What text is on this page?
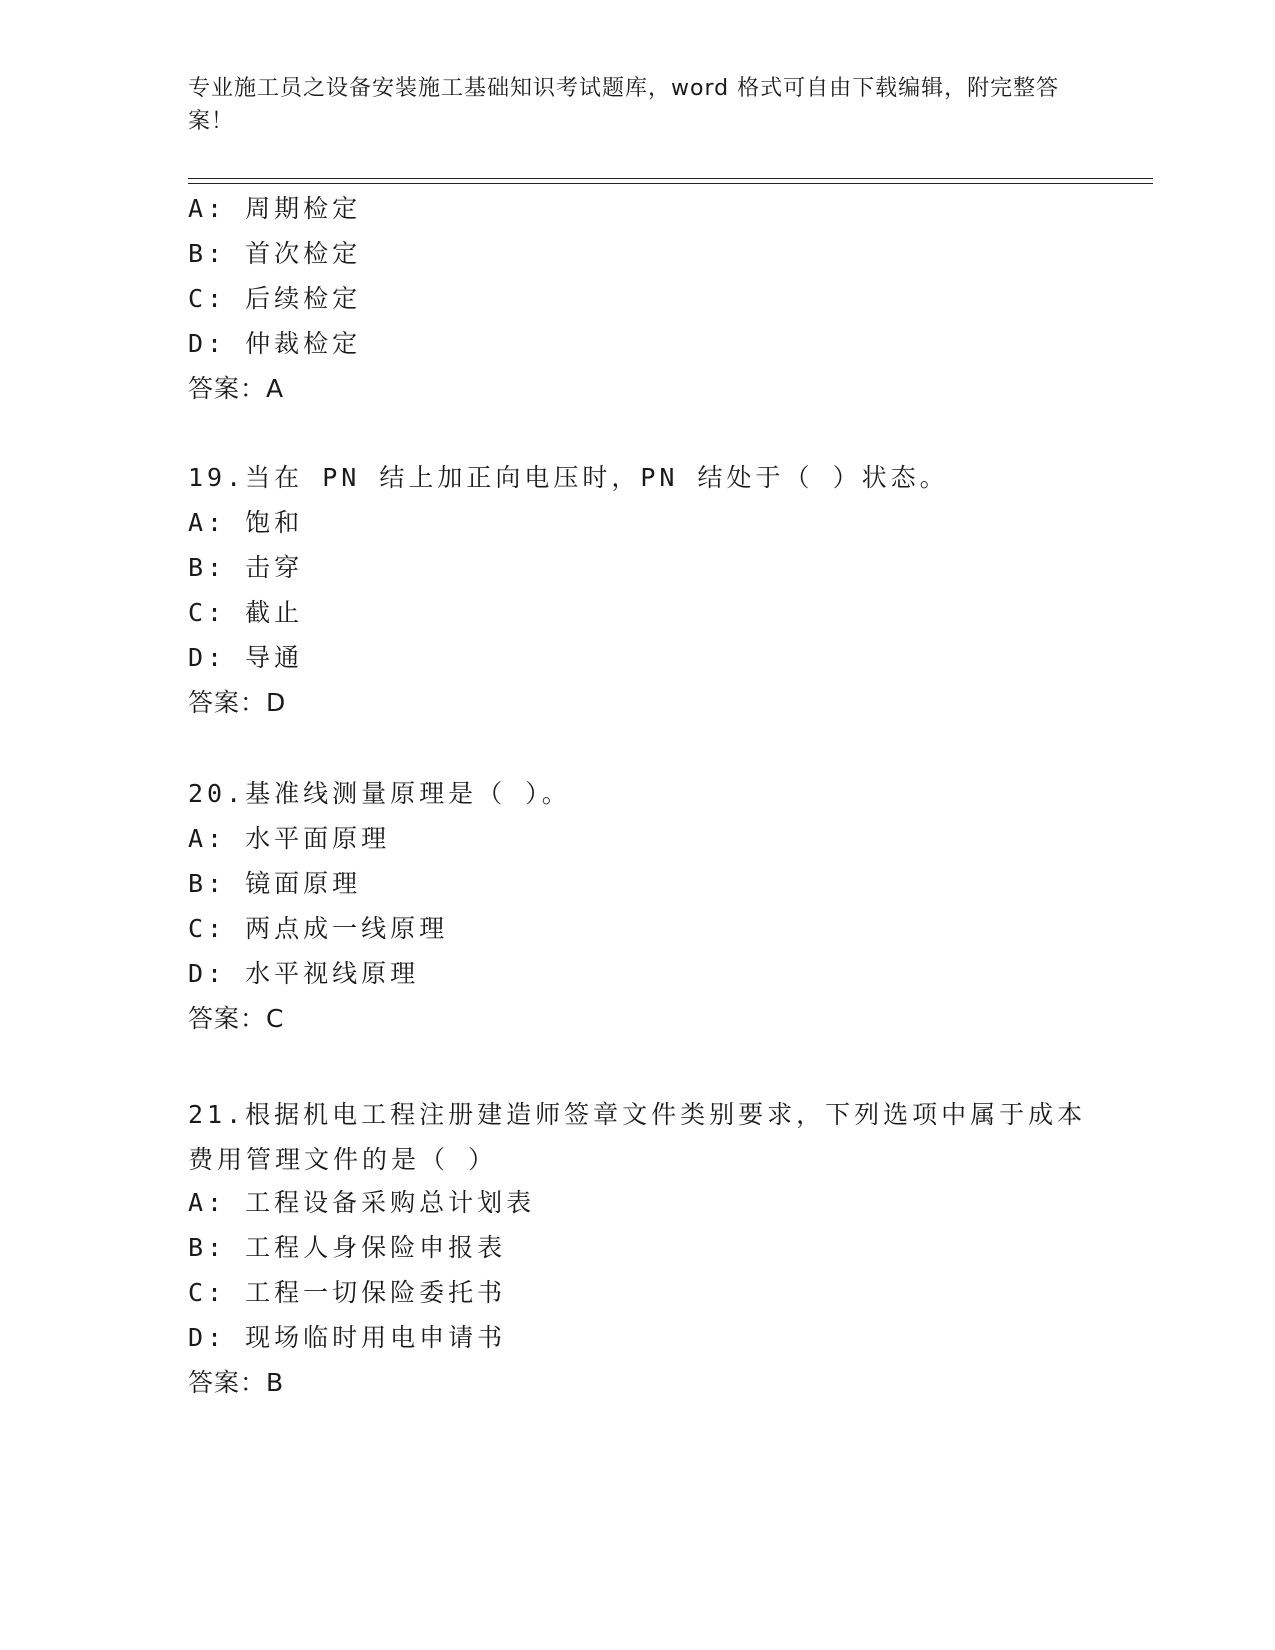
专业施工员之设备安装施工基础知识考试题库，word 格式可自由下载编辑，附完整答案！
A: 周期检定
B: 首次检定
C: 后续检定
D: 仲裁检定
答案：A
19.当在 PN 结上加正向电压时，PN 结处于（ ）状态。
A: 饱和
B: 击穿
C: 截止
D: 导通
答案：D
20.基准线测量原理是（ ）。
A: 水平面原理
B: 镜面原理
C: 两点成一线原理
D: 水平视线原理
答案：C
21.根据机电工程注册建造师签章文件类别要求，下列选项中属于成本费用管理文件的是（ ）
A: 工程设备采购总计划表
B: 工程人身保险申报表
C: 工程一切保险委托书
D: 现场临时用电申请书
答案：B
